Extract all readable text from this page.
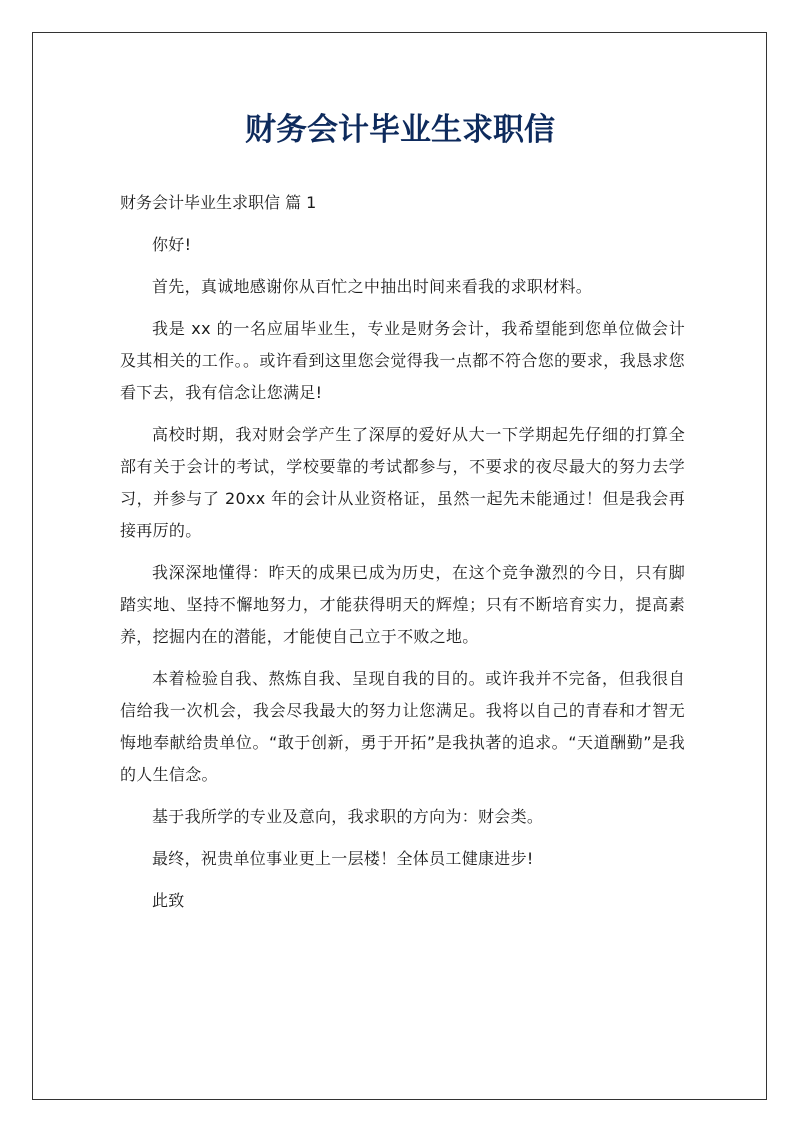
财务会计毕业生求职信

财务会计毕业生求职信 篇 1

你好!

首先，真诚地感谢你从百忙之中抽出时间来看我的求职材料。

我是 xx 的一名应届毕业生，专业是财务会计，我希望能到您单位做会计及其相关的工作。。或许看到这里您会觉得我一点都不符合您的要求，我恳求您看下去，我有信念让您满足!

高校时期，我对财会学产生了深厚的爱好从大一下学期起先仔细的打算全部有关于会计的考试，学校要靠的考试都参与，不要求的夜尽最大的努力去学习，并参与了 20xx 年的会计从业资格证，虽然一起先未能通过！但是我会再接再厉的。

我深深地懂得：昨天的成果已成为历史，在这个竞争激烈的今日，只有脚踏实地、坚持不懈地努力，才能获得明天的辉煌；只有不断培育实力，提高素养，挖掘内在的潜能，才能使自己立于不败之地。

本着检验自我、熬炼自我、呈现自我的目的。或许我并不完备，但我很自信给我一次机会，我会尽我最大的努力让您满足。我将以自己的青春和才智无悔地奉献给贵单位。“敢于创新，勇于开拓”是我执著的追求。“天道酬勤”是我的人生信念。

基于我所学的专业及意向，我求职的方向为：财会类。

最终，祝贵单位事业更上一层楼！全体员工健康进步!

此致
